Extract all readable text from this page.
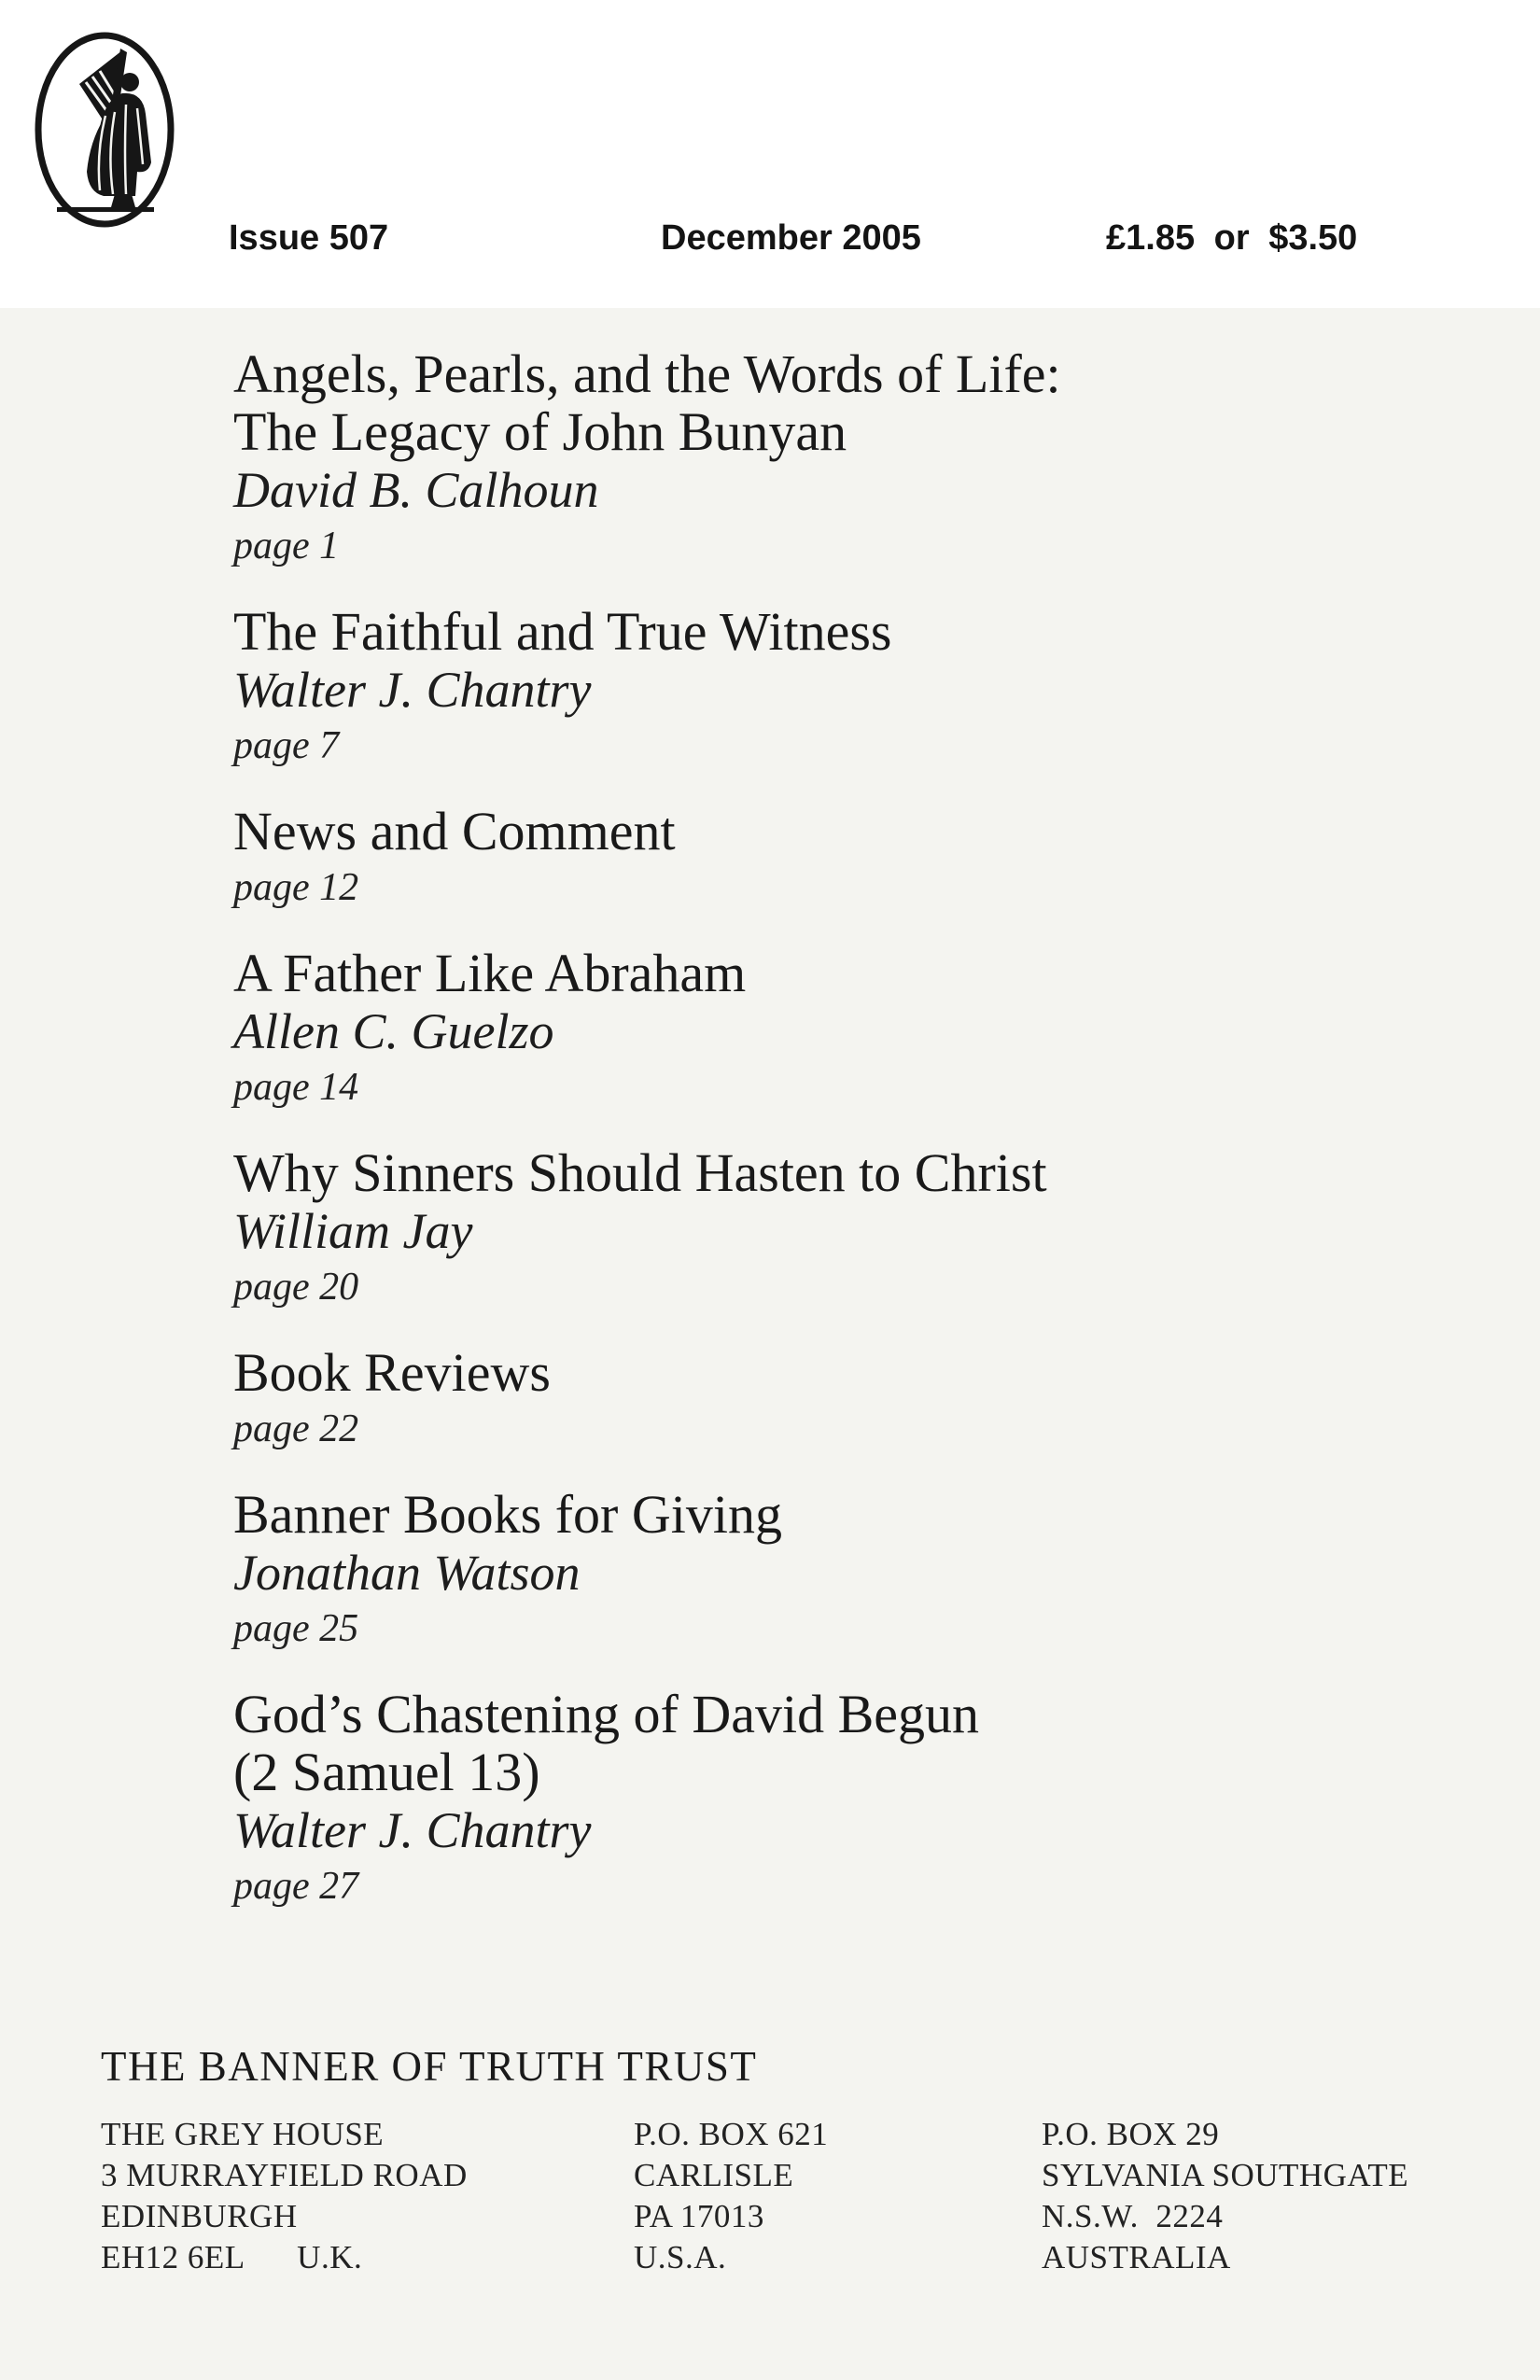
Issue 507	December 2005	£1.85 or $3.50
Angels, Pearls, and the Words of Life:
The Legacy of John Bunyan
David B. Calhoun
page 1
The Faithful and True Witness
Walter J. Chantry
page 7
News and Comment
page 12
A Father Like Abraham
Allen C. Guelzo
page 14
Why Sinners Should Hasten to Christ
William Jay
page 20
Book Reviews
page 22
Banner Books for Giving
Jonathan Watson
page 25
God’s Chastening of David Begun
(2 Samuel 13)
Walter J. Chantry
page 27
THE BANNER OF TRUTH TRUST
THE GREY HOUSE
3 MURRAYFIELD ROAD
EDINBURGH
EH12 6EL      U.K.
P.O. BOX 621
CARLISLE
PA 17013
U.S.A.
P.O. BOX 29
SYLVANIA SOUTHGATE
N.S.W.  2224
AUSTRALIA
